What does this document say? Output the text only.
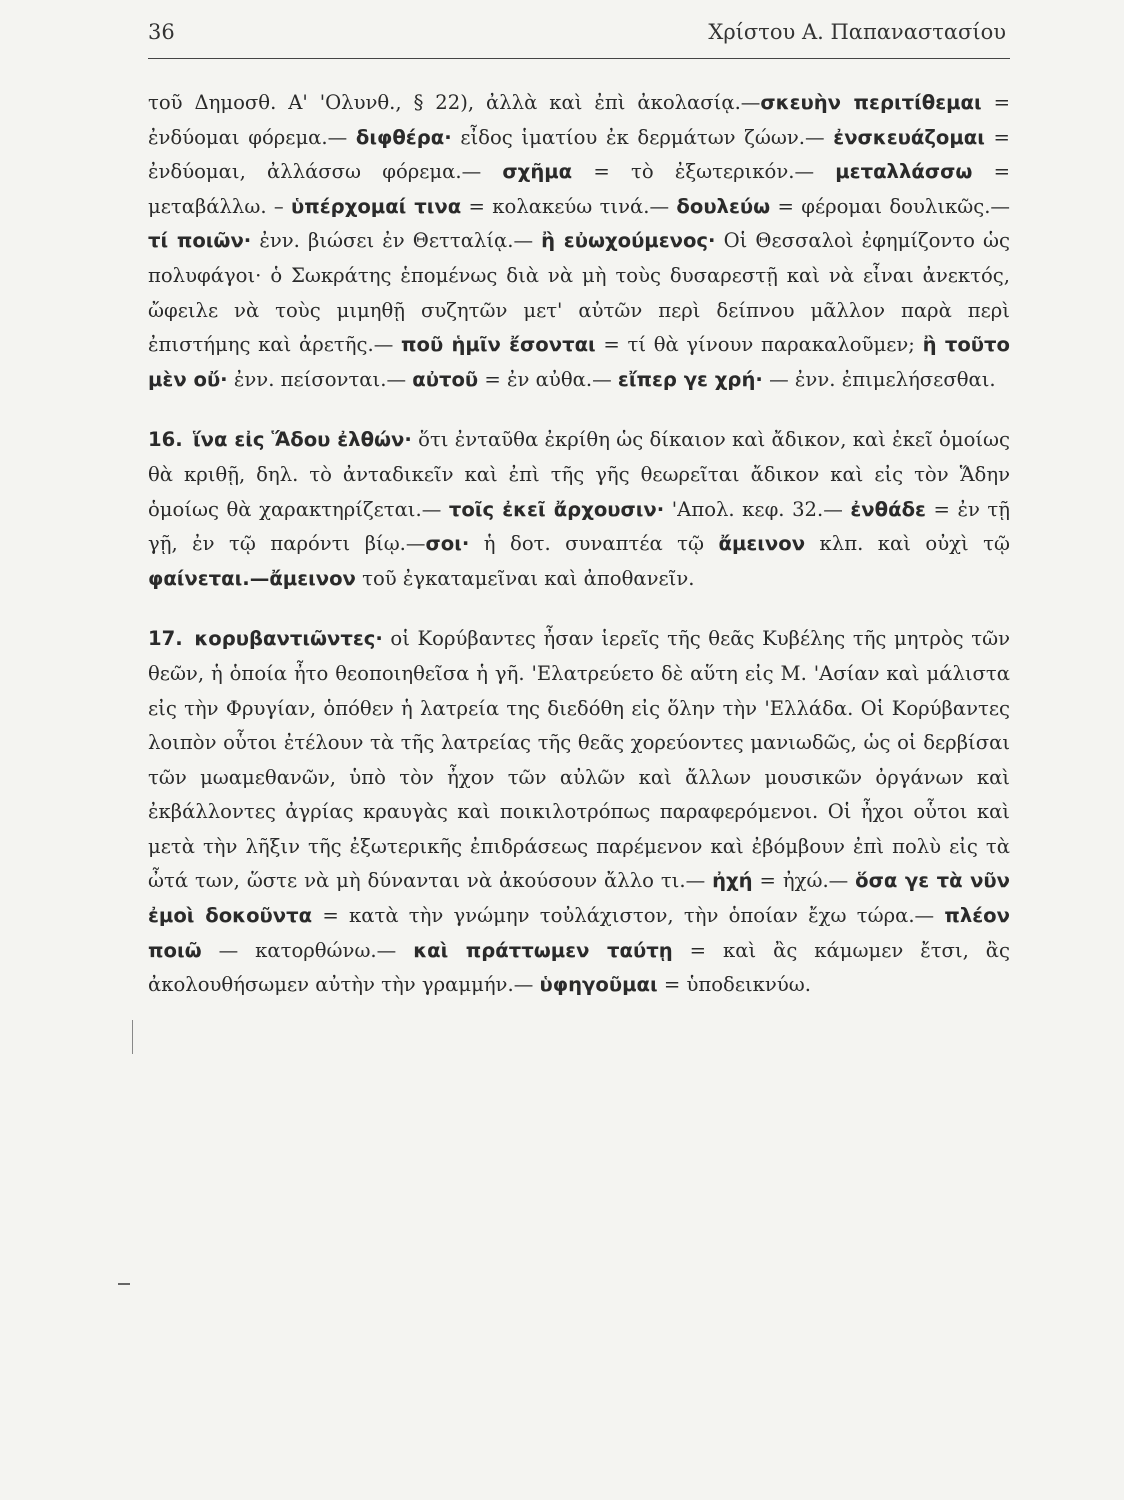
36	Χρίστου Α. Παπαναστασίου

τοῦ Δημοσθ. Α' 'Ολυνθ., § 22), ἀλλὰ καὶ ἐπὶ ἀκολασίᾳ.—σκευὴν περιτίθεμαι = ἐνδύομαι φόρεμα.— διφθέρα· εἶδος ἱματίου ἐκ δερμάτων ζώων.— ἐνσκευάζομαι = ἐνδύομαι, ἀλλάσσω φόρεμα.— σχῆμα = τὸ ἐξωτερικόν.— μεταλλάσσω = μεταβάλλω. – ὑπέρχομαί τινα = κολακεύω τινά.— δουλεύω = φέρομαι δουλικῶς.— τί ποιῶν· ἐνν. βιώσει ἐν Θετταλίᾳ.— ἢ εὐωχούμενος· Οἱ Θεσσαλοὶ ἐφημίζοντο ὡς πολυφάγοι· ὁ Σωκράτης ἑπομένως διὰ νὰ μὴ τοὺς δυσαρεστῇ καὶ νὰ εἶναι ἀνεκτός, ὤφειλε νὰ τοὺς μιμηθῇ συζητῶν μετ' αὐτῶν περὶ δείπνου μᾶλλον παρὰ περὶ ἐπιστήμης καὶ ἀρετῆς.— ποῦ ἡμῖν ἔσονται = τί θὰ γίνουν παρακαλοῦμεν; ἢ τοῦτο μὲν οὔ· ἐνν. πείσονται.— αὐτοῦ = ἐν αὐθα.— εἴπερ γε χρή· — ἐνν. ἐπιμελήσεσθαι.

16. ἵνα εἰς Ἅδου ἐλθών· ὅτι ἐνταῦθα ἐκρίθη ὡς δίκαιον καὶ ἄδικον, καὶ ἐκεῖ ὁμοίως θὰ κριθῇ, δηλ. τὸ ἀνταδικεῖν καὶ ἐπὶ τῆς γῆς θεωρεῖται ἄδικον καὶ εἰς τὸν Ἅδην ὁμοίως θὰ χαρακτηρίζεται.— τοῖς ἐκεῖ ἄρχουσιν· 'Απολ. κεφ. 32.— ἐνθάδε = ἐν τῇ γῇ, ἐν τῷ παρόντι βίῳ.—σοι· ἡ δοτ. συναπτέα τῷ ἄμεινον κλπ. καὶ οὐχὶ τῷ φαίνεται.—ἄμεινον τοῦ ἐγκαταμεῖναι καὶ ἀποθανεῖν.

17. κορυβαντιῶντες· οἱ Κορύβαντες ἦσαν ἱερεῖς τῆς θεᾶς Κυβέλης τῆς μητρὸς τῶν θεῶν, ἡ ὁποία ἦτο θεοποιηθεῖσα ἡ γῆ. 'Ελατρεύετο δὲ αὕτη εἰς Μ. 'Ασίαν καὶ μάλιστα εἰς τὴν Φρυγίαν, ὁπόθεν ἡ λατρεία της διεδόθη εἰς ὅλην τὴν 'Ελλάδα. Οἱ Κορύβαντες λοιπὸν οὗτοι ἐτέλουν τὰ τῆς λατρείας τῆς θεᾶς χορεύοντες μανιωδῶς, ὡς οἱ δερβίσαι τῶν μωαμεθανῶν, ὑπὸ τὸν ἦχον τῶν αὐλῶν καὶ ἄλλων μουσικῶν ὀργάνων καὶ ἐκβάλλοντες ἀγρίας κραυγὰς καὶ ποικιλοτρόπως παραφερόμενοι. Οἱ ἦχοι οὗτοι καὶ μετὰ τὴν λῆξιν τῆς ἐξωτερικῆς ἐπιδράσεως παρέμενον καὶ ἐβόμβουν ἐπὶ πολὺ εἰς τὰ ὦτά των, ὥστε νὰ μὴ δύνανται νὰ ἀκούσουν ἄλλο τι.— ἠχή = ἠχώ.— ὅσα γε τὰ νῦν ἐμοὶ δοκοῦντα = κατὰ τὴν γνώμην τοὐλάχιστον, τὴν ὁποίαν ἔχω τώρα.— πλέον ποιῶ — κατορθώνω.— καὶ πράττωμεν ταύτῃ = καὶ ἂς κάμωμεν ἔτσι, ἂς ἀκολουθήσωμεν αὐτὴν τὴν γραμμήν.— ὑφηγοῦμαι = ὑποδεικνύω.
